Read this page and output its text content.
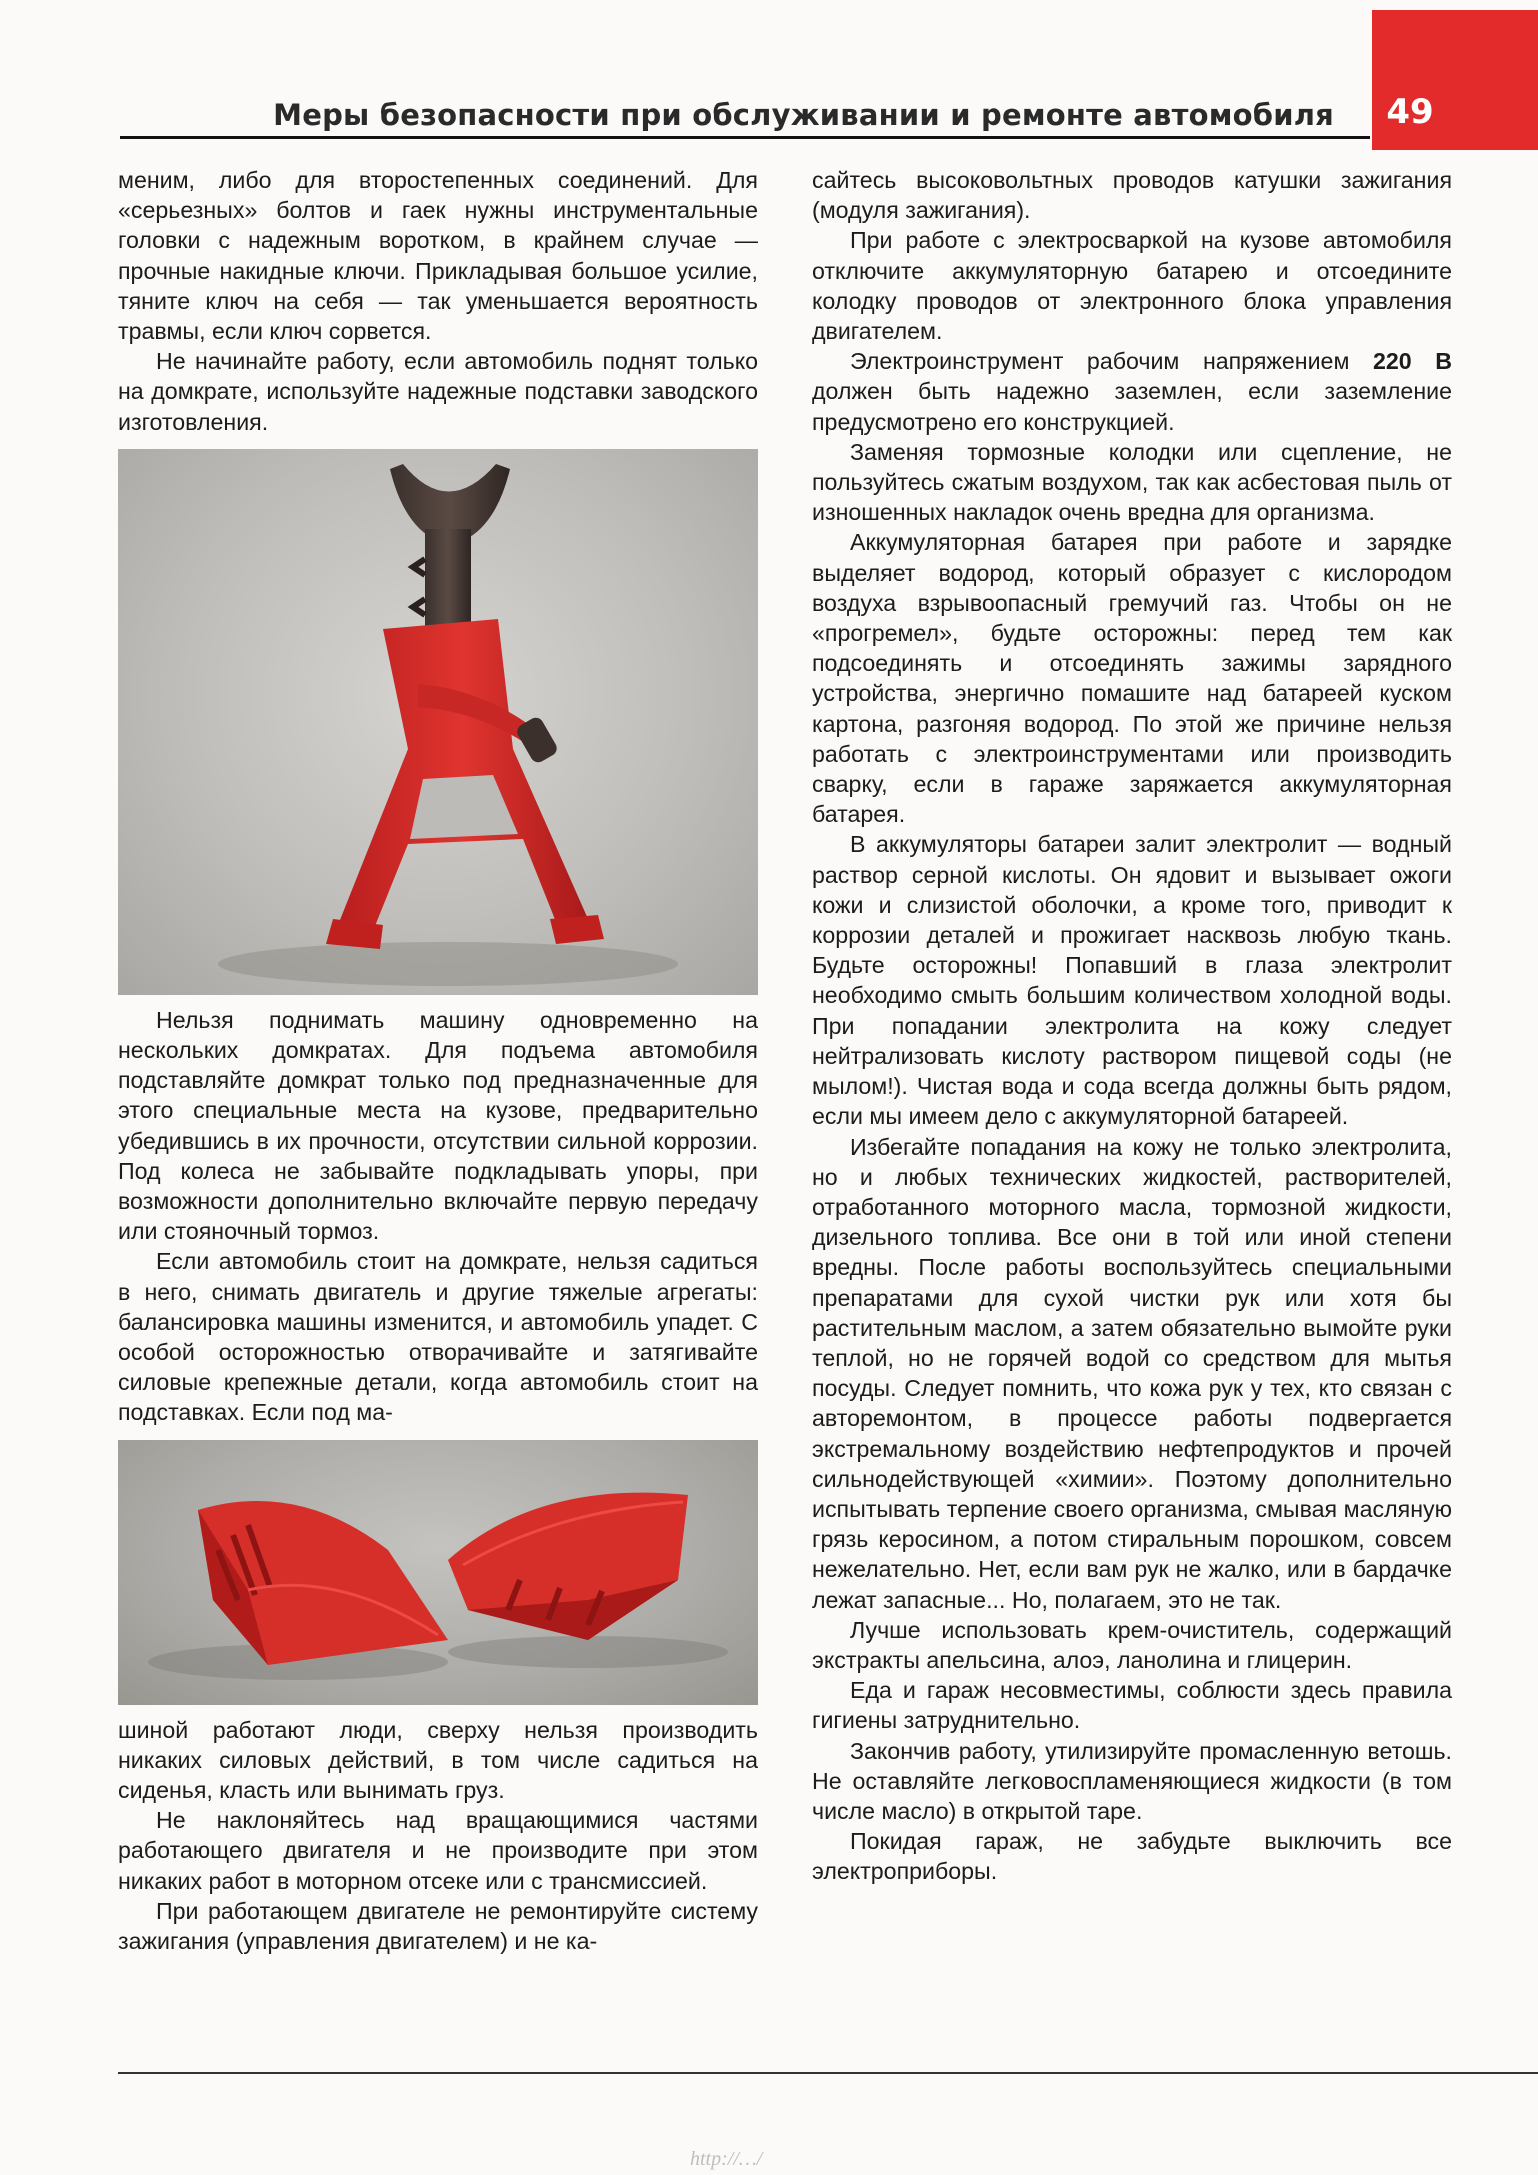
49
Меры безопасности при обслуживании и ремонте автомобиля

меним, либо для второстепенных соединений. Для «серьезных» болтов и гаек нужны инструментальные головки с надежным воротком, в крайнем случае — прочные накидные ключи. Прикладывая большое усилие, тяните ключ на себя — так уменьшается вероятность травмы, если ключ сорвется.

Не начинайте работу, если автомобиль поднят только на домкрате, используйте надежные подставки заводского изготовления.

Нельзя поднимать машину одновременно на нескольких домкратах. Для подъема автомобиля подставляйте домкрат только под предназначенные для этого специальные места на кузове, предварительно убедившись в их прочности, отсутствии сильной коррозии. Под колеса не забывайте подкладывать упоры, при возможности дополнительно включайте первую передачу или стояночный тормоз.

Если автомобиль стоит на домкрате, нельзя садиться в него, снимать двигатель и другие тяжелые агрегаты: балансировка машины изменится, и автомобиль упадет. С особой осторожностью отворачивайте и затягивайте силовые крепежные детали, когда автомобиль стоит на подставках. Если под ма-

шиной работают люди, сверху нельзя производить никаких силовых действий, в том числе садиться на сиденья, класть или вынимать груз.

Не наклоняйтесь над вращающимися частями работающего двигателя и не производите при этом никаких работ в моторном отсеке или с трансмиссией.

При работающем двигателе не ремонтируйте систему зажигания (управления двигателем) и не ка-

сайтесь высоковольтных проводов катушки зажигания (модуля зажигания).

При работе с электросваркой на кузове автомобиля отключите аккумуляторную батарею и отсоедините колодку проводов от электронного блока управления двигателем.

Электроинструмент рабочим напряжением 220 В должен быть надежно заземлен, если заземление предусмотрено его конструкцией.

Заменяя тормозные колодки или сцепление, не пользуйтесь сжатым воздухом, так как асбестовая пыль от изношенных накладок очень вредна для организма.

Аккумуляторная батарея при работе и зарядке выделяет водород, который образует с кислородом воздуха взрывоопасный гремучий газ. Чтобы он не «прогремел», будьте осторожны: перед тем как подсоединять и отсоединять зажимы зарядного устройства, энергично помашите над батареей куском картона, разгоняя водород. По этой же причине нельзя работать с электроинструментами или производить сварку, если в гараже заряжается аккумуляторная батарея.

В аккумуляторы батареи залит электролит — водный раствор серной кислоты. Он ядовит и вызывает ожоги кожи и слизистой оболочки, а кроме того, приводит к коррозии деталей и прожигает насквозь любую ткань. Будьте осторожны! Попавший в глаза электролит необходимо смыть большим количеством холодной воды. При попадании электролита на кожу следует нейтрализовать кислоту раствором пищевой соды (не мылом!). Чистая вода и сода всегда должны быть рядом, если мы имеем дело с аккумуляторной батареей.

Избегайте попадания на кожу не только электролита, но и любых технических жидкостей, растворителей, отработанного моторного масла, тормозной жидкости, дизельного топлива. Все они в той или иной степени вредны. После работы воспользуйтесь специальными препаратами для сухой чистки рук или хотя бы растительным маслом, а затем обязательно вымойте руки теплой, но не горячей водой со средством для мытья посуды. Следует помнить, что кожа рук у тех, кто связан с авторемонтом, в процессе работы подвергается экстремальному воздействию нефтепродуктов и прочей сильнодействующей «химии». Поэтому дополнительно испытывать терпение своего организма, смывая масляную грязь керосином, а потом стиральным порошком, совсем нежелательно. Нет, если вам рук не жалко, или в бардачке лежат запасные... Но, полагаем, это не так.

Лучше использовать крем-очиститель, содержащий экстракты апельсина, алоэ, ланолина и глицерин.

Еда и гараж несовместимы, соблюсти здесь правила гигиены затруднительно.

Закончив работу, утилизируйте промасленную ветошь. Не оставляйте легковоспламеняющиеся жидкости (в том числе масло) в открытой таре.

Покидая гараж, не забудьте выключить все электроприборы.

http://…/
